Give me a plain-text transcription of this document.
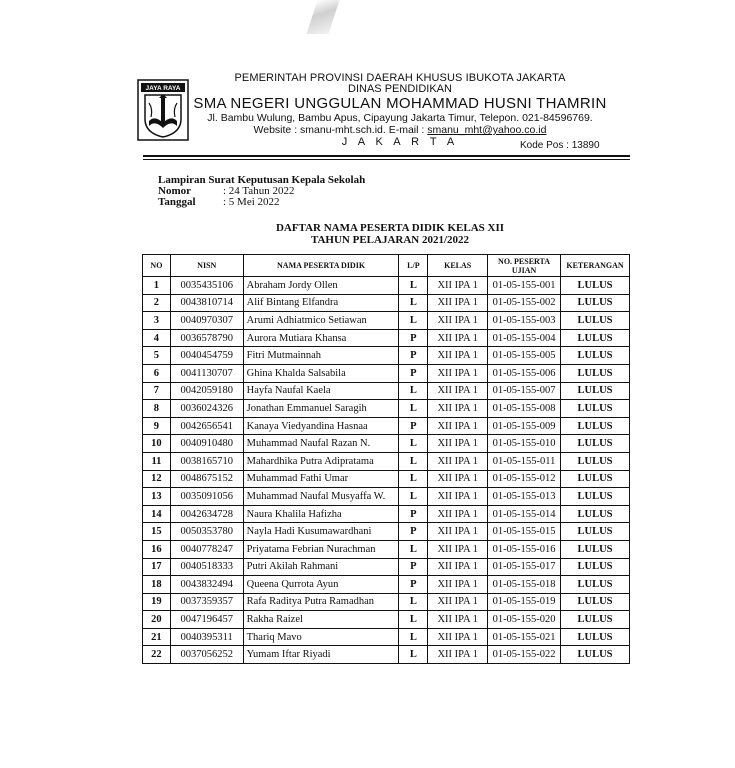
JAYA RAYA
PEMERINTAH PROVINSI DAERAH KHUSUS IBUKOTA JAKARTA
DINAS PENDIDIKAN
SMA NEGERI UNGGULAN MOHAMMAD HUSNI THAMRIN
Jl. Bambu Wulung, Bambu Apus, Cipayung Jakarta Timur, Telepon. 021-84596769.
Website : smanu-mht.sch.id. E-mail : smanu_mht@yahoo.co.id
J A K A R T A	Kode Pos : 13890
Lampiran Surat Keputusan Kepala Sekolah
Nomor	: 24 Tahun 2022
Tanggal	: 5 Mei 2022
DAFTAR NAMA PESERTA DIDIK KELAS XII
TAHUN PELAJARAN 2021/2022
NO	NISN	NAMA PESERTA DIDIK	L/P	KELAS	NO. PESERTA UJIAN	KETERANGAN
1	0035435106	Abraham Jordy Ollen	L	XII IPA 1	01-05-155-001	LULUS
2	0043810714	Alif Bintang Elfandra	L	XII IPA 1	01-05-155-002	LULUS
3	0040970307	Arumi Adhiatmico Setiawan	L	XII IPA 1	01-05-155-003	LULUS
4	0036578790	Aurora Mutiara Khansa	P	XII IPA 1	01-05-155-004	LULUS
5	0040454759	Fitri Mutmainnah	P	XII IPA 1	01-05-155-005	LULUS
6	0041130707	Ghina Khalda Salsabila	P	XII IPA 1	01-05-155-006	LULUS
7	0042059180	Hayfa Naufal Kaela	L	XII IPA 1	01-05-155-007	LULUS
8	0036024326	Jonathan Emmanuel Saragih	L	XII IPA 1	01-05-155-008	LULUS
9	0042656541	Kanaya Viedyandina Hasnaa	P	XII IPA 1	01-05-155-009	LULUS
10	0040910480	Muhammad Naufal Razan N.	L	XII IPA 1	01-05-155-010	LULUS
11	0038165710	Mahardhika Putra Adipratama	L	XII IPA 1	01-05-155-011	LULUS
12	0048675152	Muhammad Fathi Umar	L	XII IPA 1	01-05-155-012	LULUS
13	0035091056	Muhammad Naufal Musyaffa W.	L	XII IPA 1	01-05-155-013	LULUS
14	0042634728	Naura Khalila Hafizha	P	XII IPA 1	01-05-155-014	LULUS
15	0050353780	Nayla Hadi Kusumawardhani	P	XII IPA 1	01-05-155-015	LULUS
16	0040778247	Priyatama Febrian Nurachman	L	XII IPA 1	01-05-155-016	LULUS
17	0040518333	Putri Akilah Rahmani	P	XII IPA 1	01-05-155-017	LULUS
18	0043832494	Queena Qurrota Ayun	P	XII IPA 1	01-05-155-018	LULUS
19	0037359357	Rafa Raditya Putra Ramadhan	L	XII IPA 1	01-05-155-019	LULUS
20	0047196457	Rakha Raizel	L	XII IPA 1	01-05-155-020	LULUS
21	0040395311	Thariq Mavo	L	XII IPA 1	01-05-155-021	LULUS
22	0037056252	Yumam Iftar Riyadi	L	XII IPA 1	01-05-155-022	LULUS
